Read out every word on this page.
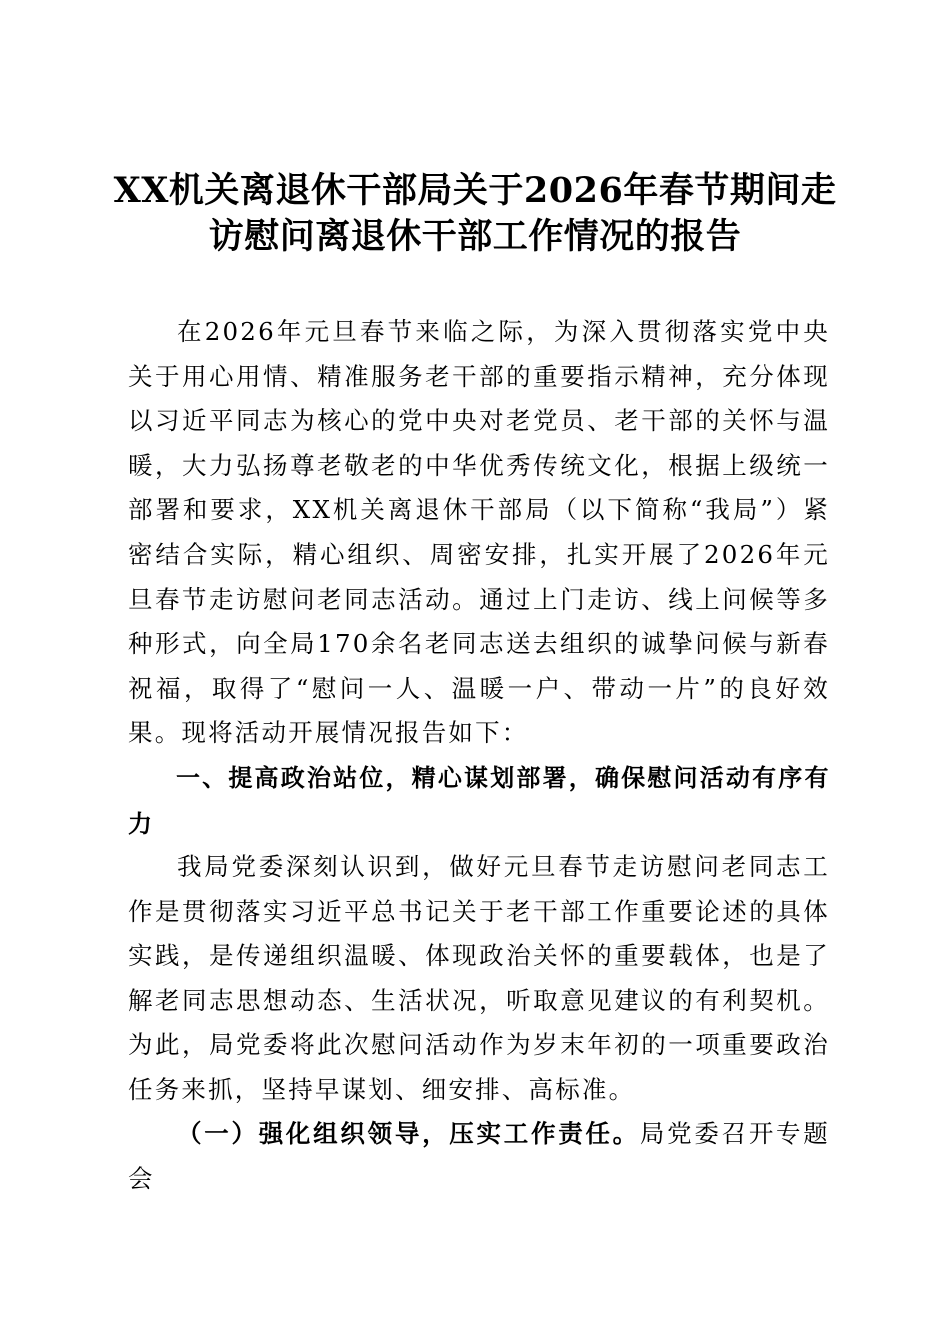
XX机关离退休干部局关于2026年春节期间走
访慰问离退休干部工作情况的报告
在2026年元旦春节来临之际，为深入贯彻落实党中央关于用心用情、精准服务老干部的重要指示精神，充分体现以习近平同志为核心的党中央对老党员、老干部的关怀与温暖，大力弘扬尊老敬老的中华优秀传统文化，根据上级统一部署和要求，XX机关离退休干部局（以下简称“我局”）紧密结合实际，精心组织、周密安排，扎实开展了2026年元旦春节走访慰问老同志活动。通过上门走访、线上问候等多种形式，向全局170余名老同志送去组织的诚挚问候与新春祝福，取得了“慰问一人、温暖一户、带动一片”的良好效果。现将活动开展情况报告如下：
一、提高政治站位，精心谋划部署，确保慰问活动有序有力
我局党委深刻认识到，做好元旦春节走访慰问老同志工作是贯彻落实习近平总书记关于老干部工作重要论述的具体实践，是传递组织温暖、体现政治关怀的重要载体，也是了解老同志思想动态、生活状况，听取意见建议的有利契机。为此，局党委将此次慰问活动作为岁末年初的一项重要政治任务来抓，坚持早谋划、细安排、高标准。
（一）强化组织领导，压实工作责任。局党委召开专题会
